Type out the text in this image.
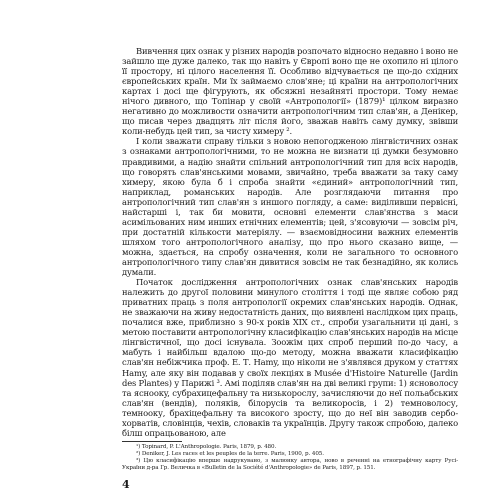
Вивчення цих ознак у різних народів розпочато відносно недавно і воно не зайшло ще дуже далеко, так що навіть у Європі воно ще не охопило ні цілого її простору, ні цілого населення її. Особливо відчувається це що-до східних європейських країн. Ми їх займаємо слов'яне; ці країни на антропологічних картах і досі ще фігурують, як обсяжні незайняті простори. Тому немає нічого дивного, що Топінар у своїй «Антропології» (1879)¹ цілком виразно негативно до можливости означити антропологічним тип слав'ян, а Денікер, що писав через двадцять літ після його, зважав навіть саму думку, звівши коли-небудь цей тип, за чисту химеру ².

І коли зважати справу тільки з новою непогодженою лінгвістичних ознак з ознаками антропологічними, то не можна не визнати ці думки безумовно правдивими, а надію знайти спільний антропологічний тип для всіх народів, що говорять слав'янськими мовами, звичайно, треба вважати за таку саму химеру, якою була б і спроба знайти «єдиний» антропологічний тип, наприклад, романських народів. Але розглядаючи питання про антропологічний тип слав'ян з иншого погляду, а саме: виділивши первісні, найстарші і, так би мовити, основні елементи слав'янства з маси асимільованих ним инших етнічних елементів; цей, з'ясовуючи — зовсім річ, при достатній кількости матеріялу. — взаємовідносини важних елементів шляхом того антропологічного аналізу, що про нього сказано вище, — можна, здається, на спробу означення, коли не загального то основного антропологічного типу слав'ян дивитися зовсім не так безнадійно, як колись думали.

Початок дослідження антропологічних ознак слав'янських народів належить до другої половини минулого століття і тоді ще являє собою ряд приватних праць з поля антропології окремих слав'янських народів. Однак, не зважаючи на живу недостатність даних, що виявлені наслідком цих праць, почалися вже, приблизно з 90-х років XIX ст., спроби узагальнити ці дані, з метою поставити антропологічну класифікацію слав'янських народів на місце лінгвістичної, що досі існувала. Зоожім цих спроб перший по-до часу, а мабуть і найбільш вдалою що-до методу, можна вважати класифікацію слав'ян небіжчика проф. Е. Т. Hamy, що ніколи не з'являвся друком у статтях Hamy, але яку він подавав у своїх лекціях в Musée d'Histoire Naturelle (Jardin des Plantes) у Парижі ³. Амі поділяв слав'ян на дві великі групи: 1) ясноволосу та ясноокy, субрахицефальну та низькорослу, зачисляючи до неї польабських слав'ян (вендів), поляків, білорусів та великоросів, і 2) темноволосу, темнооку, брахіцефальну та високого зросту, що до неї він заводив сербо-хорватів, словінців, чехів, словаків та українців. Другу також спробою, далеко білш опрацьованою, але

¹) Topinard, P. L'Anthropologie. Paris, 1879, p. 480.

²) Deniker, J. Les races et les peuples de la terre. Paris, 1900, p. 405.

³) Цю класифікацію вперше надрукувано, з малюнку автора, ново в реченні на етнографічну карту Русі-України д-ра Гр. Величка в «Bulletin de la Société d'Anthropologie» de Paris, 1897, p. 151.

4
